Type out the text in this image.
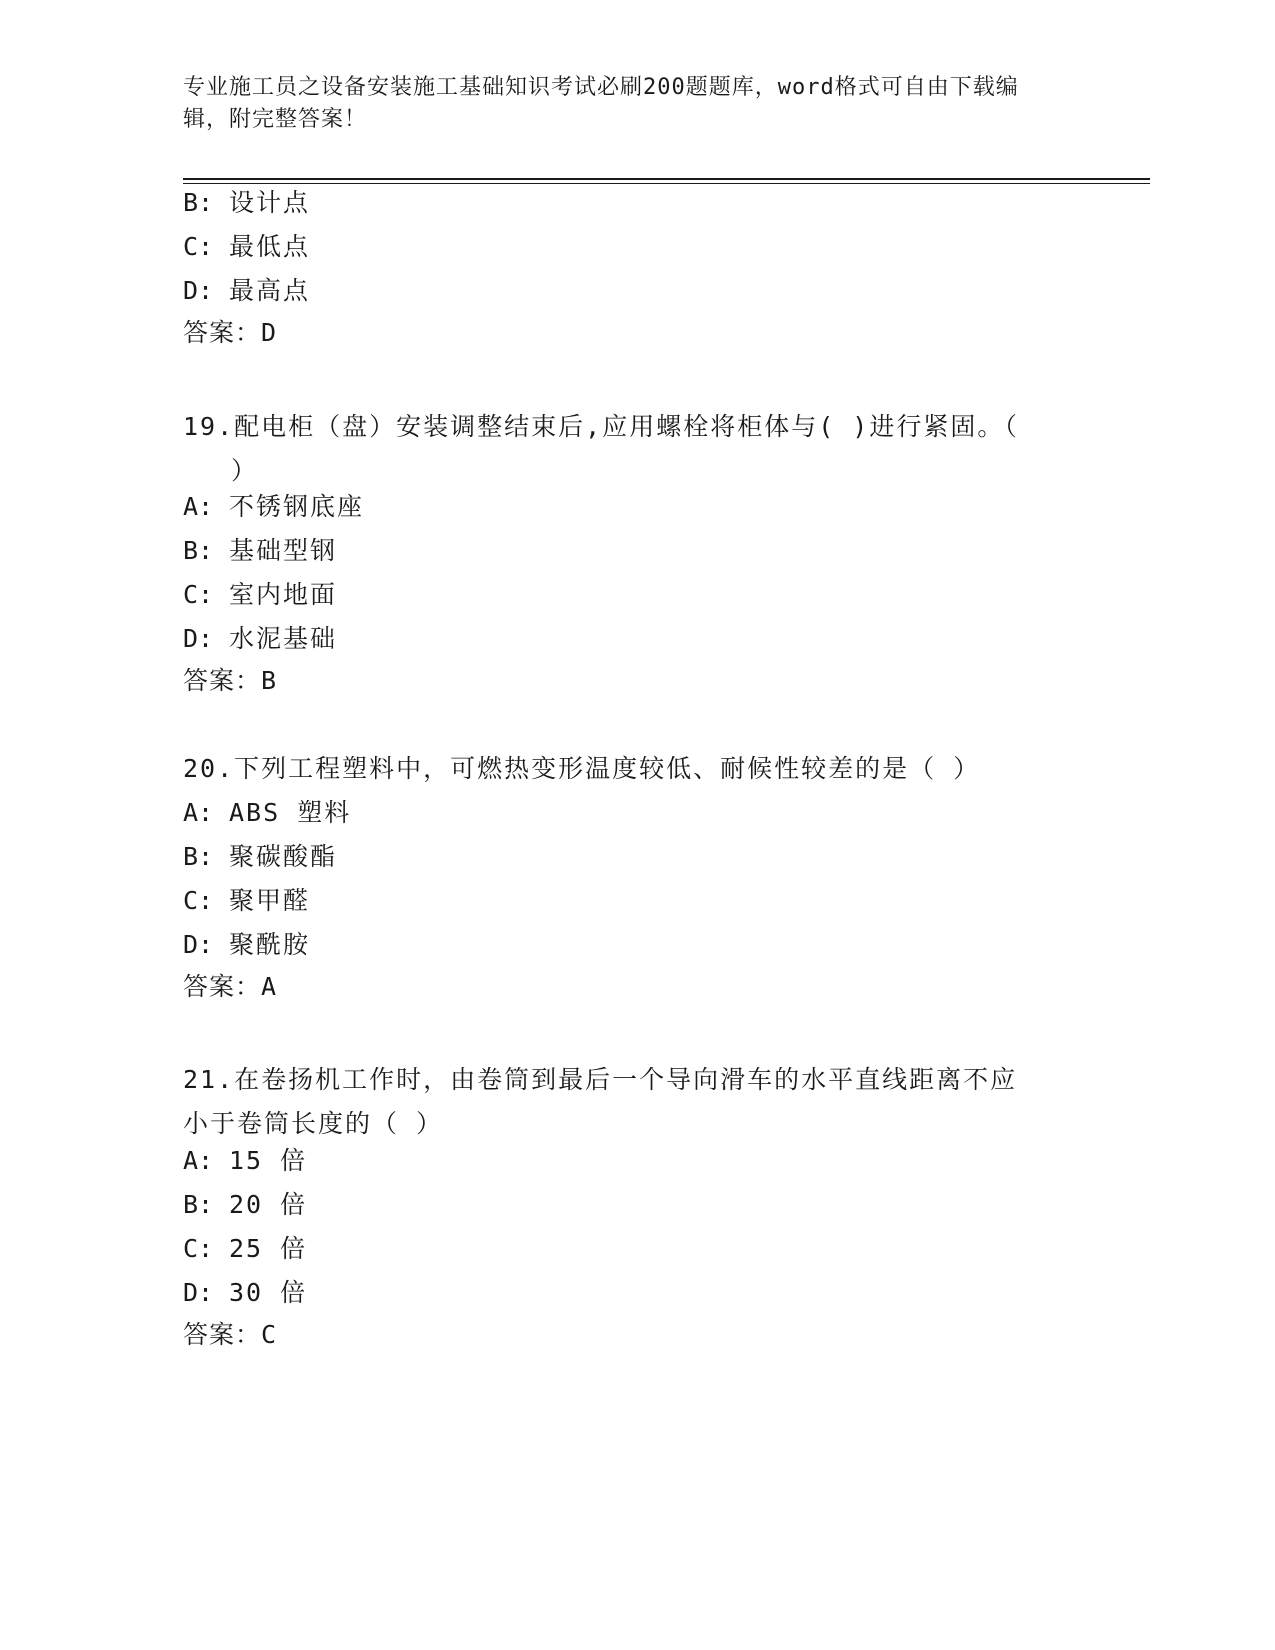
专业施工员之设备安装施工基础知识考试必刷200题题库，word格式可自由下载编辑，附完整答案！
B: 设计点
C: 最低点
D: 最高点
答案：D
19.配电柜（盘）安装调整结束后,应用螺栓将柜体与( )进行紧固。（
）
A: 不锈钢底座
B: 基础型钢
C: 室内地面
D: 水泥基础
答案：B
20.下列工程塑料中，可燃热变形温度较低、耐候性较差的是（ ）
A: ABS 塑料
B: 聚碳酸酯
C: 聚甲醛
D: 聚酰胺
答案：A
21.在卷扬机工作时，由卷筒到最后一个导向滑车的水平直线距离不应
小于卷筒长度的（ ）
A: 15 倍
B: 20 倍
C: 25 倍
D: 30 倍
答案：C
